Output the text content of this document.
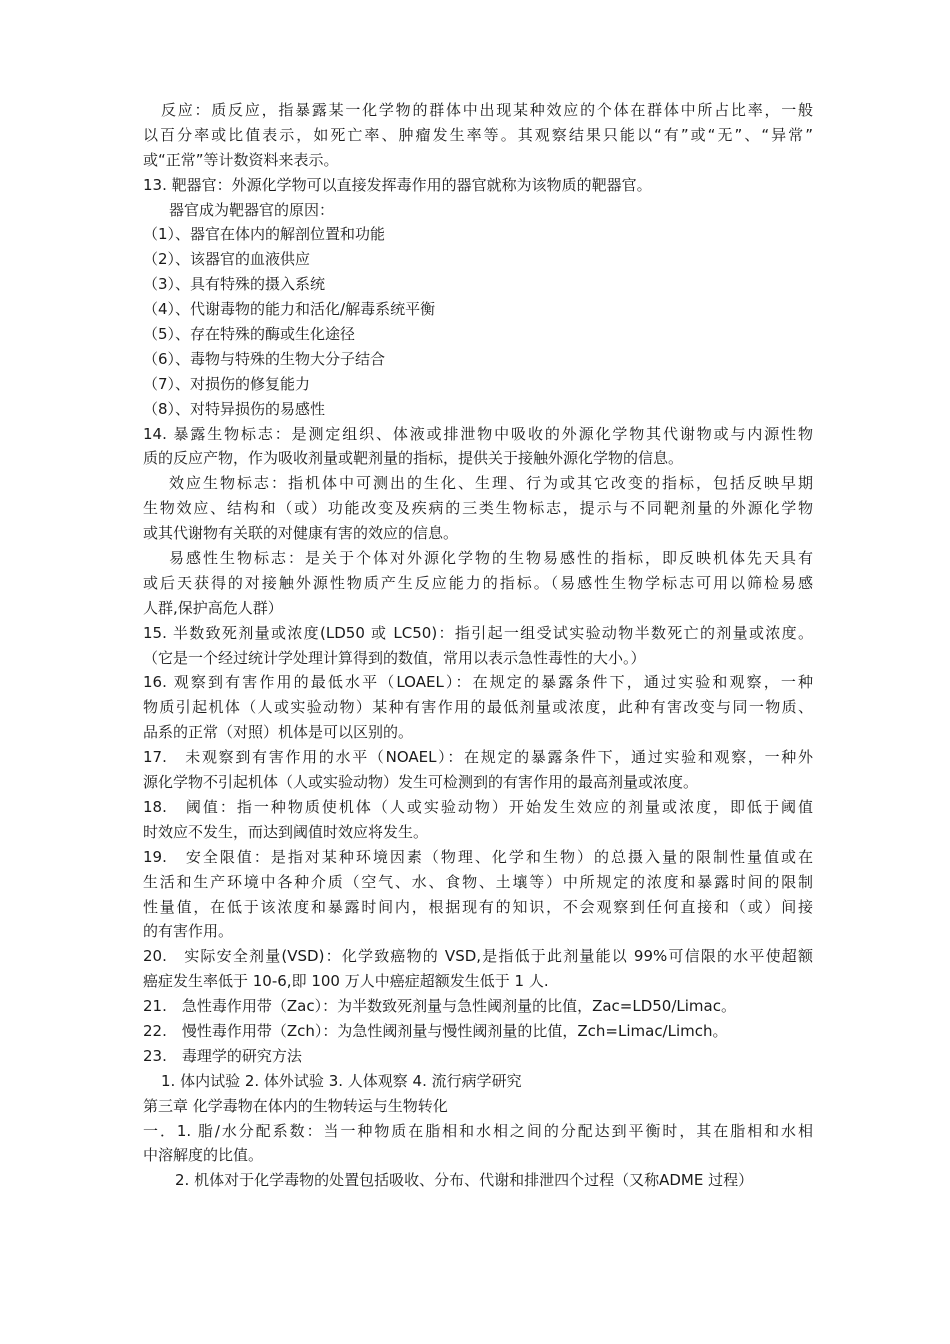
反应：质反应，指暴露某一化学物的群体中出现某种效应的个体在群体中所占比率，一般
以百分率或比值表示，如死亡率、肿瘤发生率等。其观察结果只能以“有”或“无”、“异常”
或“正常”等计数资料来表示。
13. 靶器官：外源化学物可以直接发挥毒作用的器官就称为该物质的靶器官。
器官成为靶器官的原因：
（1）、器官在体内的解剖位置和功能
（2）、该器官的血液供应
（3）、具有特殊的摄入系统
（4）、代谢毒物的能力和活化/解毒系统平衡
（5）、存在特殊的酶或生化途径
（6）、毒物与特殊的生物大分子结合
（7）、对损伤的修复能力
（8）、对特异损伤的易感性
14. 暴露生物标志：是测定组织、体液或排泄物中吸收的外源化学物其代谢物或与内源性物
质的反应产物，作为吸收剂量或靶剂量的指标，提供关于接触外源化学物的信息。
效应生物标志：指机体中可测出的生化、生理、行为或其它改变的指标，包括反映早期
生物效应、结构和（或）功能改变及疾病的三类生物标志，提示与不同靶剂量的外源化学物
或其代谢物有关联的对健康有害的效应的信息。
易感性生物标志：是关于个体对外源化学物的生物易感性的指标，即反映机体先天具有
或后天获得的对接触外源性物质产生反应能力的指标。（易感性生物学标志可用以筛检易感
人群,保护高危人群）
15. 半数致死剂量或浓度(LD50 或 LC50)：指引起一组受试实验动物半数死亡的剂量或浓度。
（它是一个经过统计学处理计算得到的数值，常用以表示急性毒性的大小。）
16. 观察到有害作用的最低水平（LOAEL）：在规定的暴露条件下，通过实验和观察，一种
物质引起机体（人或实验动物）某种有害作用的最低剂量或浓度，此种有害改变与同一物质、
品系的正常（对照）机体是可以区别的。
17.　未观察到有害作用的水平（NOAEL）：在规定的暴露条件下，通过实验和观察，一种外
源化学物不引起机体（人或实验动物）发生可检测到的有害作用的最高剂量或浓度。
18.　阈值：指一种物质使机体（人或实验动物）开始发生效应的剂量或浓度，即低于阈值
时效应不发生，而达到阈值时效应将发生。
19.　安全限值：是指对某种环境因素（物理、化学和生物）的总摄入量的限制性量值或在
生活和生产环境中各种介质（空气、水、食物、土壤等）中所规定的浓度和暴露时间的限制
性量值，在低于该浓度和暴露时间内，根据现有的知识，不会观察到任何直接和（或）间接
的有害作用。
20.　实际安全剂量(VSD)：化学致癌物的 VSD,是指低于此剂量能以 99%可信限的水平使超额
癌症发生率低于 10-6,即 100 万人中癌症超额发生低于 1 人.
21.　急性毒作用带（Zac）：为半数致死剂量与急性阈剂量的比值，Zac=LD50/Limac。
22.　慢性毒作用带（Zch）：为急性阈剂量与慢性阈剂量的比值，Zch=Limac/Limch。
23.　毒理学的研究方法
1. 体内试验 2. 体外试验 3. 人体观察 4. 流行病学研究
第三章 化学毒物在体内的生物转运与生物转化
一．1. 脂/水分配系数：当一种物质在脂相和水相之间的分配达到平衡时，其在脂相和水相
中溶解度的比值。
2. 机体对于化学毒物的处置包括吸收、分布、代谢和排泄四个过程（又称ADME 过程）
